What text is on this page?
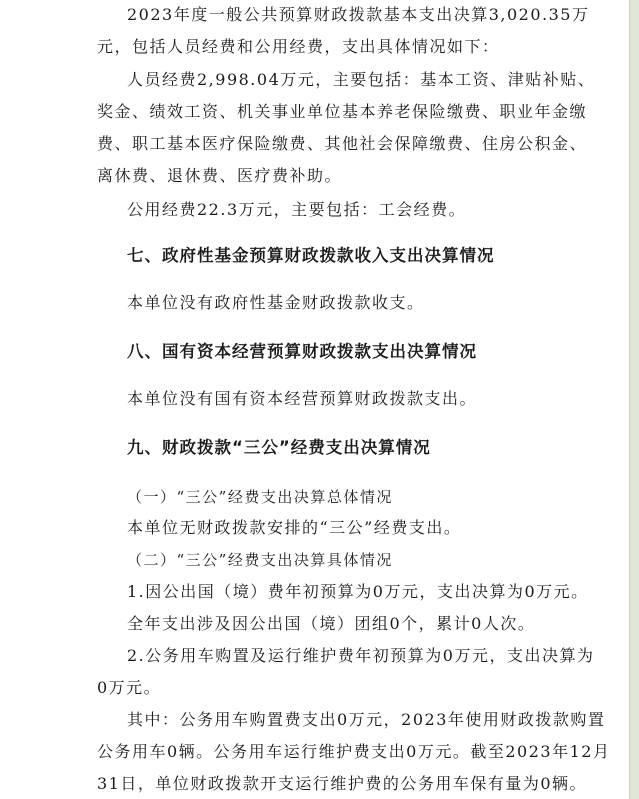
2023年度一般公共预算财政拨款基本支出决算3,020.35万
元，包括人员经费和公用经费，支出具体情况如下：
人员经费2,998.04万元，主要包括：基本工资、津贴补贴、
奖金、绩效工资、机关事业单位基本养老保险缴费、职业年金缴
费、职工基本医疗保险缴费、其他社会保障缴费、住房公积金、
离休费、退休费、医疗费补助。
公用经费22.3万元，主要包括：工会经费。
七、政府性基金预算财政拨款收入支出决算情况
本单位没有政府性基金财政拨款收支。
八、国有资本经营预算财政拨款支出决算情况
本单位没有国有资本经营预算财政拨款支出。
九、财政拨款“三公”经费支出决算情况
（一）“三公”经费支出决算总体情况
本单位无财政拨款安排的“三公”经费支出。
（二）“三公”经费支出决算具体情况
1.因公出国（境）费年初预算为0万元，支出决算为0万元。
全年支出涉及因公出国（境）团组0个，累计0人次。
2.公务用车购置及运行维护费年初预算为0万元，支出决算为
0万元。
其中：公务用车购置费支出0万元，2023年使用财政拨款购置
公务用车0辆。公务用车运行维护费支出0万元。截至2023年12月
31日，单位财政拨款开支运行维护费的公务用车保有量为0辆。
